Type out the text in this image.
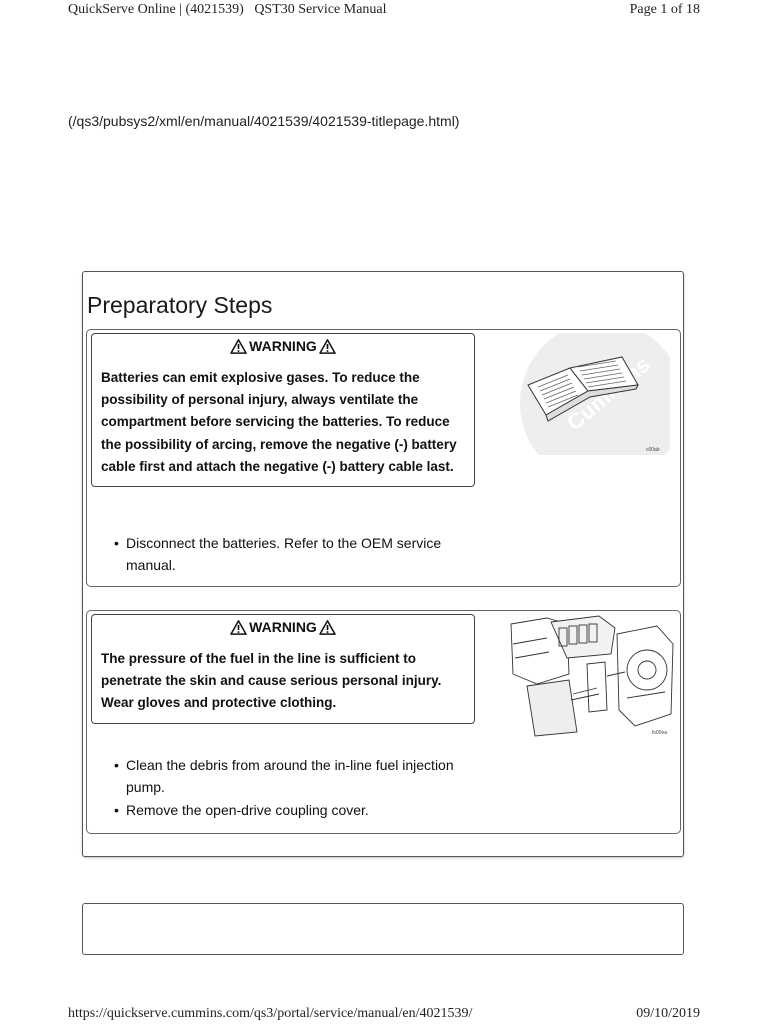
QuickServe Online | (4021539)   QST30 Service Manual	Page 1 of 18
(/qs3/pubsys2/xml/en/manual/4021539/4021539-titlepage.html)
Preparatory Steps
WARNING
Batteries can emit explosive gases. To reduce the possibility of personal injury, always ventilate the compartment before servicing the batteries. To reduce the possibility of arcing, remove the negative (-) battery cable first and attach the negative (-) battery cable last.
c00ab
• Disconnect the batteries. Refer to the OEM service manual.
WARNING
The pressure of the fuel in the line is sufficient to penetrate the skin and cause serious personal injury. Wear gloves and protective clothing.
fs00ea
• Clean the debris from around the in-line fuel injection pump.
• Remove the open-drive coupling cover.
https://quickserve.cummins.com/qs3/portal/service/manual/en/4021539/	09/10/2019
